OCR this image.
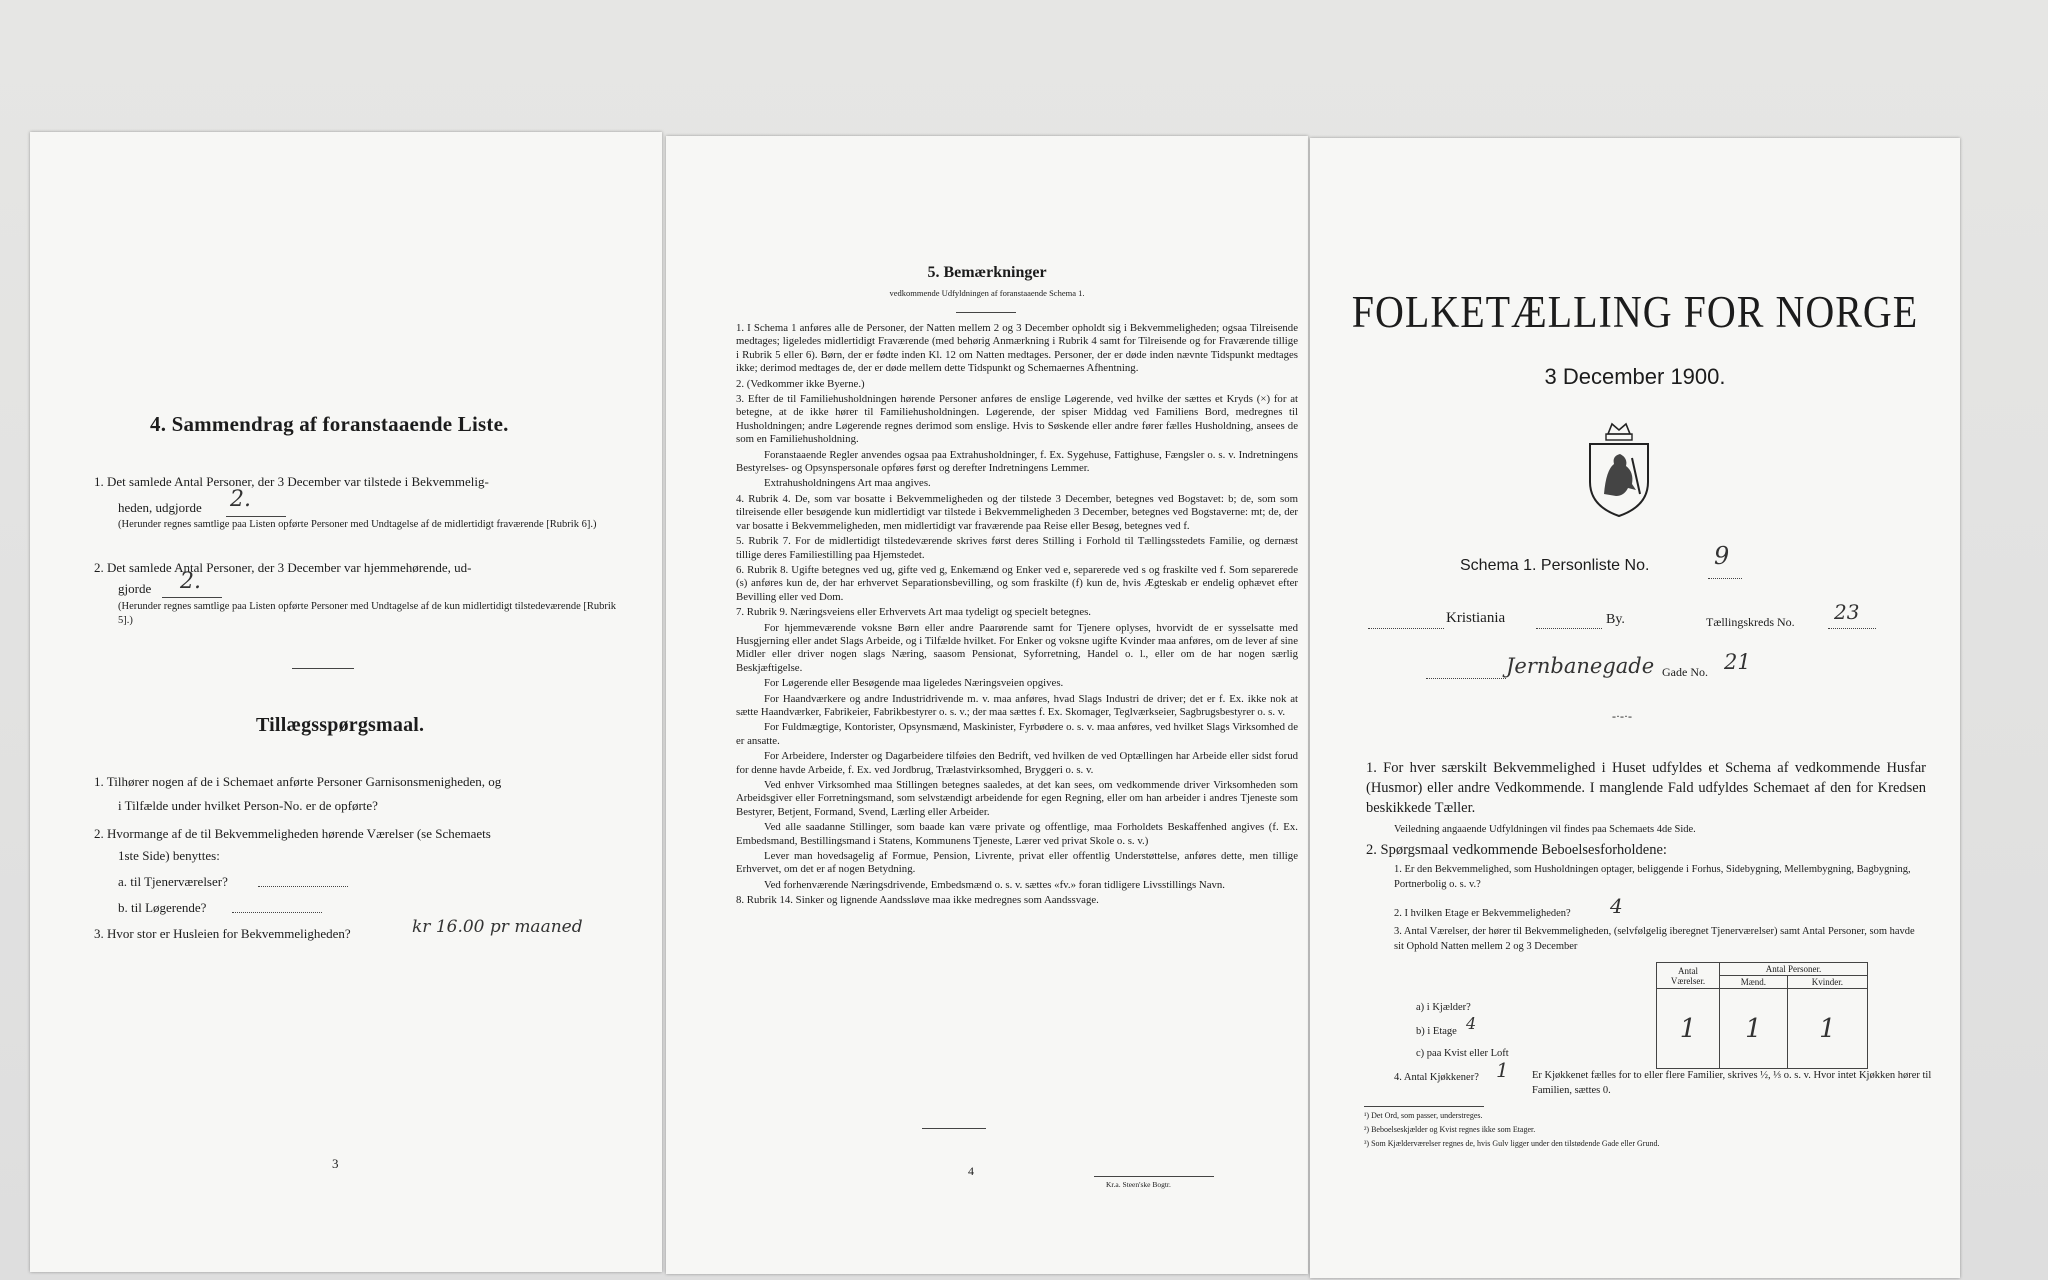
4. Sammendrag af foranstaaende Liste.
1. Det samlede Antal Personer, der 3 December var tilstede i Bekvemmelig-
heden, udgjorde 2.
(Herunder regnes samtlige paa Listen opførte Personer med Undtagelse af de midlertidigt fraværende [Rubrik 6].)
2. Det samlede Antal Personer, der 3 December var hjemmehørende, ud-
gjorde 2.
(Herunder regnes samtlige paa Listen opførte Personer med Undtagelse af de kun midlertidigt tilstedeværende [Rubrik 5].)
Tillægsspørgsmaal.
1. Tilhører nogen af de i Schemaet anførte Personer Garnisonsmenigheden, og
i Tilfælde under hvilket Person-No. er de opførte?
2. Hvormange af de til Bekvemmeligheden hørende Værelser (se Schemaets
1ste Side) benyttes:
a. til Tjenerværelser?
b. til Løgerende?
3. Hvor stor er Husleien for Bekvemmeligheden?	kr 16.00 pr maaned
3
5. Bemærkninger
vedkommende Udfyldningen af foranstaaende Schema 1.

1. I Schema 1 anføres alle de Personer, der Natten mellem 2 og 3 December opholdt sig i Bekvemmeligheden; ogsaa Tilreisende medtages; ligeledes midlertidigt Fraværende (med behørig Anmærkning i Rubrik 4 samt for Tilreisende og for Fraværende tillige i Rubrik 5 eller 6). Børn, der er fødte inden Kl. 12 om Natten medtages. Personer, der er døde inden nævnte Tidspunkt medtages ikke; derimod medtages de, der er døde mellem dette Tidspunkt og Schemaernes Afhentning.

2. (Vedkommer ikke Byerne.)

3. Efter de til Familiehusholdningen hørende Personer anføres de enslige Løgerende, ved hvilke der sættes et Kryds (×) for at betegne, at de ikke hører til Familiehusholdningen. Løgerende, der spiser Middag ved Familiens Bord, medregnes til Husholdningen; andre Løgerende regnes derimod som enslige. Hvis to Søskende eller andre fører fælles Husholdning, ansees de som en Familiehusholdning.

Foranstaaende Regler anvendes ogsaa paa Extrahusholdninger, f. Ex. Sygehuse, Fattighuse, Fængsler o. s. v. Indretningens Bestyrelses- og Opsynspersonale opføres først og derefter Indretningens Lemmer.

Extrahusholdningens Art maa angives.

4. Rubrik 4. De, som var bosatte i Bekvemmeligheden og der tilstede 3 December, betegnes ved Bogstavet: b; de, som som tilreisende eller besøgende kun midlertidigt var tilstede i Bekvemmeligheden 3 December, betegnes ved Bogstaverne: mt; de, der var bosatte i Bekvemmeligheden, men midlertidigt var fraværende paa Reise eller Besøg, betegnes ved f.

5. Rubrik 7. For de midlertidigt tilstedeværende skrives først deres Stilling i Forhold til Tællingsstedets Familie, og dernæst tillige deres Familiestilling paa Hjemstedet.

6. Rubrik 8. Ugifte betegnes ved ug, gifte ved g, Enkemænd og Enker ved e, separerede ved s og fraskilte ved f. Som separerede (s) anføres kun de, der har erhvervet Separationsbevilling, og som fraskilte (f) kun de, hvis Ægteskab er endelig ophævet efter Bevilling eller ved Dom.

7. Rubrik 9. Næringsveiens eller Erhvervets Art maa tydeligt og specielt betegnes.

For hjemmeværende voksne Børn eller andre Paarørende samt for Tjenere oplyses, hvorvidt de er sysselsatte med Husgjerning eller andet Slags Arbeide, og i Tilfælde hvilket. For Enker og voksne ugifte Kvinder maa anføres, om de lever af sine Midler eller driver nogen slags Næring, saasom Pensionat, Syforretning, Handel o. l., eller om de har nogen særlig Beskjæftigelse.

For Løgerende eller Besøgende maa ligeledes Næringsveien opgives.

For Haandværkere og andre Industridrivende m. v. maa anføres, hvad Slags Industri de driver; det er f. Ex. ikke nok at sætte Haandværker, Fabrikeier, Fabrikbestyrer o. s. v.; der maa sættes f. Ex. Skomager, Teglværkseier, Sagbrugsbestyrer o. s. v.

For Fuldmægtige, Kontorister, Opsynsmænd, Maskinister, Fyrbødere o. s. v. maa anføres, ved hvilket Slags Virksomhed de er ansatte.

For Arbeidere, Inderster og Dagarbeidere tilføies den Bedrift, ved hvilken de ved Optællingen har Arbeide eller sidst forud for denne havde Arbeide, f. Ex. ved Jordbrug, Trælastvirksomhed, Bryggeri o. s. v.

Ved enhver Virksomhed maa Stillingen betegnes saaledes, at det kan sees, om vedkommende driver Virksomheden som Arbeidsgiver eller Forretningsmand, som selvstændigt arbeidende for egen Regning, eller om han arbeider i andres Tjeneste som Bestyrer, Betjent, Formand, Svend, Lærling eller Arbeider.

Ved alle saadanne Stillinger, som baade kan være private og offentlige, maa Forholdets Beskaffenhed angives (f. Ex. Embedsmand, Bestillingsmand i Statens, Kommunens Tjeneste, Lærer ved privat Skole o. s. v.)

Lever man hovedsagelig af Formue, Pension, Livrente, privat eller offentlig Understøttelse, anføres dette, men tillige Erhvervet, om det er af nogen Betydning.

Ved forhenværende Næringsdrivende, Embedsmænd o. s. v. sættes «fv.» foran tidligere Livsstillings Navn.

8. Rubrik 14. Sinker og lignende Aandssløve maa ikke medregnes som Aandssvage.

4
Kr.a. Steen'ske Bogtr.
FOLKETÆLLING FOR NORGE
3 December 1900.
Schema 1. Personliste No.	9
Kristiania	By.	Tællingskreds No. 23
Jernbanegade Gade No. 21
-·-·-
1. For hver særskilt Bekvemmelighed i Huset udfyldes et Schema af vedkommende Husfar (Husmor) eller andre Vedkommende. I manglende Fald udfyldes Schemaet af den for Kredsen beskikkede Tæller.
Veiledning angaaende Udfyldningen vil findes paa Schemaets 4de Side.
2. Spørgsmaal vedkommende Beboelsesforholdene:
1. Er den Bekvemmelighed, som Husholdningen optager, beliggende i Forhus, Sidebygning, Mellembygning, Bagbygning, Portnerbolig o. s. v.?
2. I hvilken Etage er Bekvemmeligheden? 4
3. Antal Værelser, der hører til Bekvemmeligheden, (selvfølgelig iberegnet Tjenerværelser) samt Antal Personer, som havde sit Ophold Natten mellem 2 og 3 December
Antal Værelser.	Antal Personer.	
	Mænd.	Kvinder.
1	1	1
a) i Kjælder?
b) i Etage 4
c) paa Kvist eller Loft
4. Antal Kjøkkener? 1 Er Kjøkkenet fælles for to eller flere Familier, skrives ½, ⅓ o. s. v. Hvor intet Kjøkken hører til Familien, sættes 0.
¹) Det Ord, som passer, understreges.
²) Beboelseskjælder og Kvist regnes ikke som Etager.
³) Som Kjælderværelser regnes de, hvis Gulv ligger under den tilstødende Gade eller Grund.
